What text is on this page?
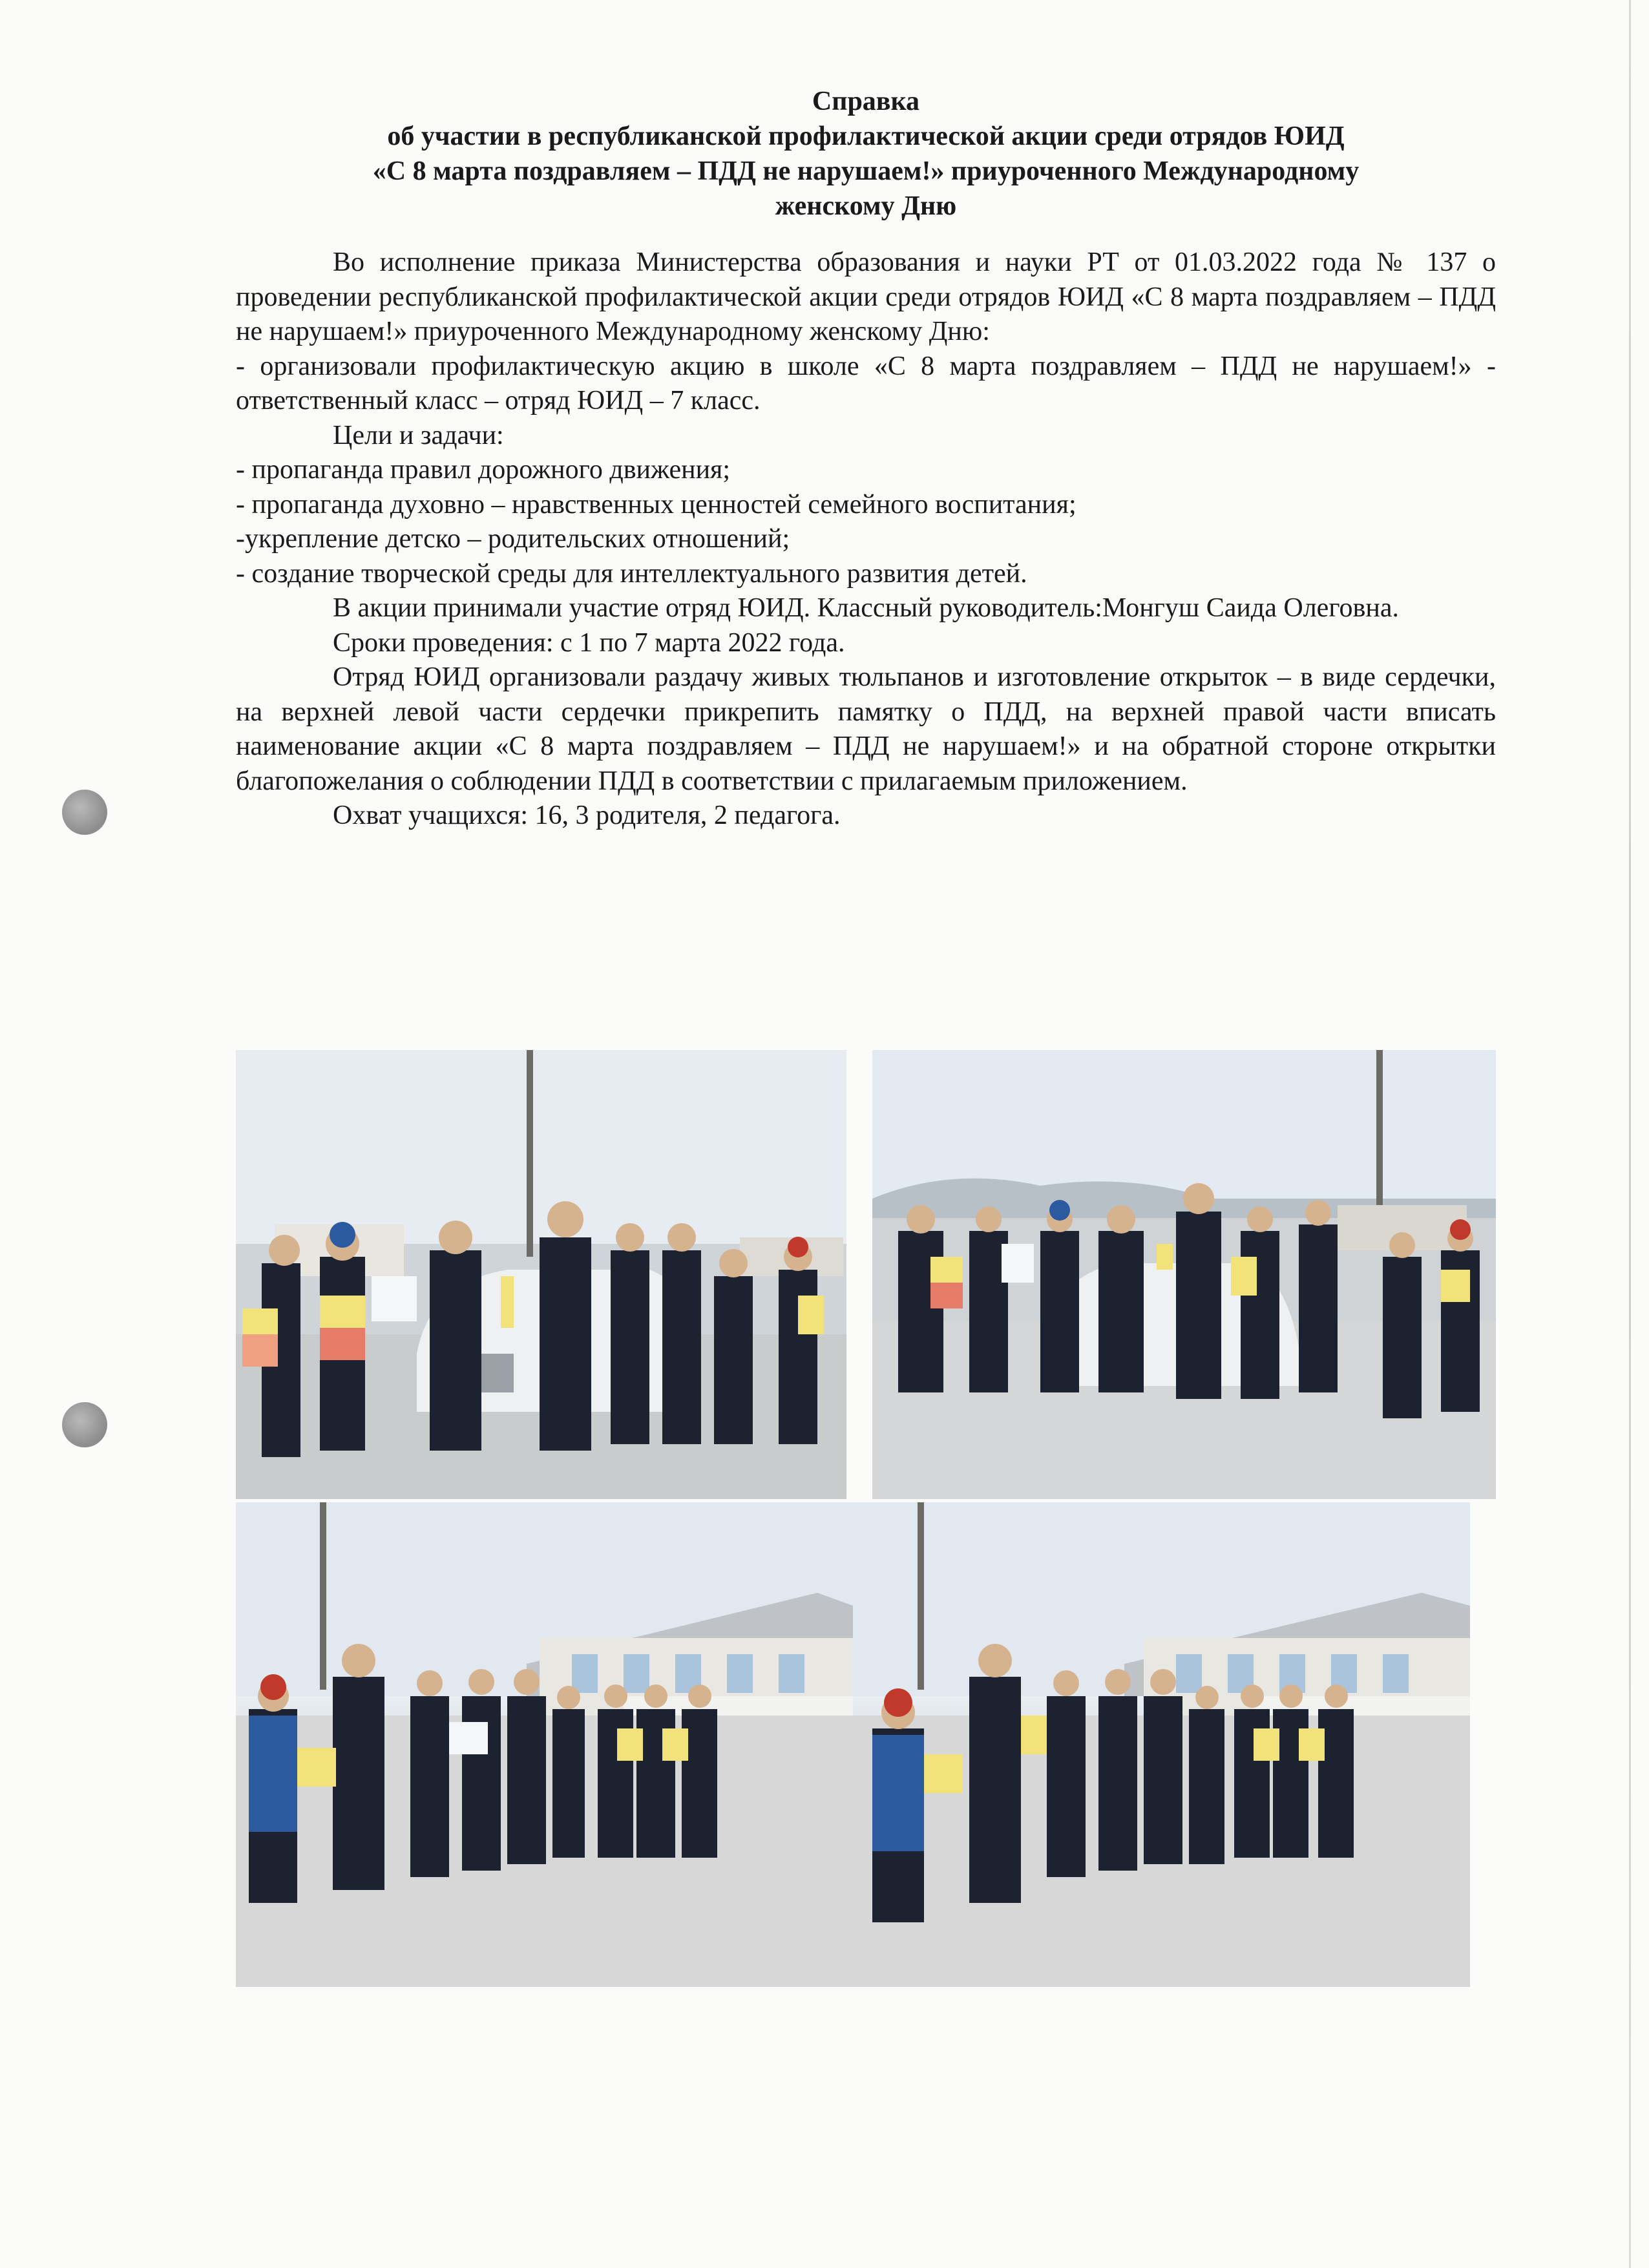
Справка
об участии в республиканской профилактической акции среди отрядов ЮИД
«С 8 марта поздравляем – ПДД не нарушаем!» приуроченного Международному
женскому Дню

Во исполнение приказа Министерства образования и науки РТ от 01.03.2022 года № 137 о проведении республиканской профилактической акции среди отрядов ЮИД «С 8 марта поздравляем – ПДД не нарушаем!» приуроченного Международному женскому Дню:

- организовали профилактическую акцию в школе «С 8 марта поздравляем – ПДД не нарушаем!» - ответственный класс – отряд ЮИД – 7 класс.

Цели и задачи:

- пропаганда правил дорожного движения;

- пропаганда духовно – нравственных ценностей семейного воспитания;

-укрепление детско – родительских отношений;

- создание творческой среды для интеллектуального развития детей.

В акции принимали участие отряд ЮИД. Классный руководитель:Монгуш Саида Олеговна.

Сроки проведения: с 1 по 7 марта 2022 года.

Отряд ЮИД организовали раздачу живых тюльпанов и изготовление открыток – в виде сердечки, на верхней левой части сердечки прикрепить памятку о ПДД, на верхней правой части вписать наименование акции «С 8 марта поздравляем – ПДД не нарушаем!» и на обратной стороне открытки благопожелания о соблюдении ПДД в соответствии с прилагаемым приложением.

Охват учащихся: 16, 3 родителя, 2 педагога.
